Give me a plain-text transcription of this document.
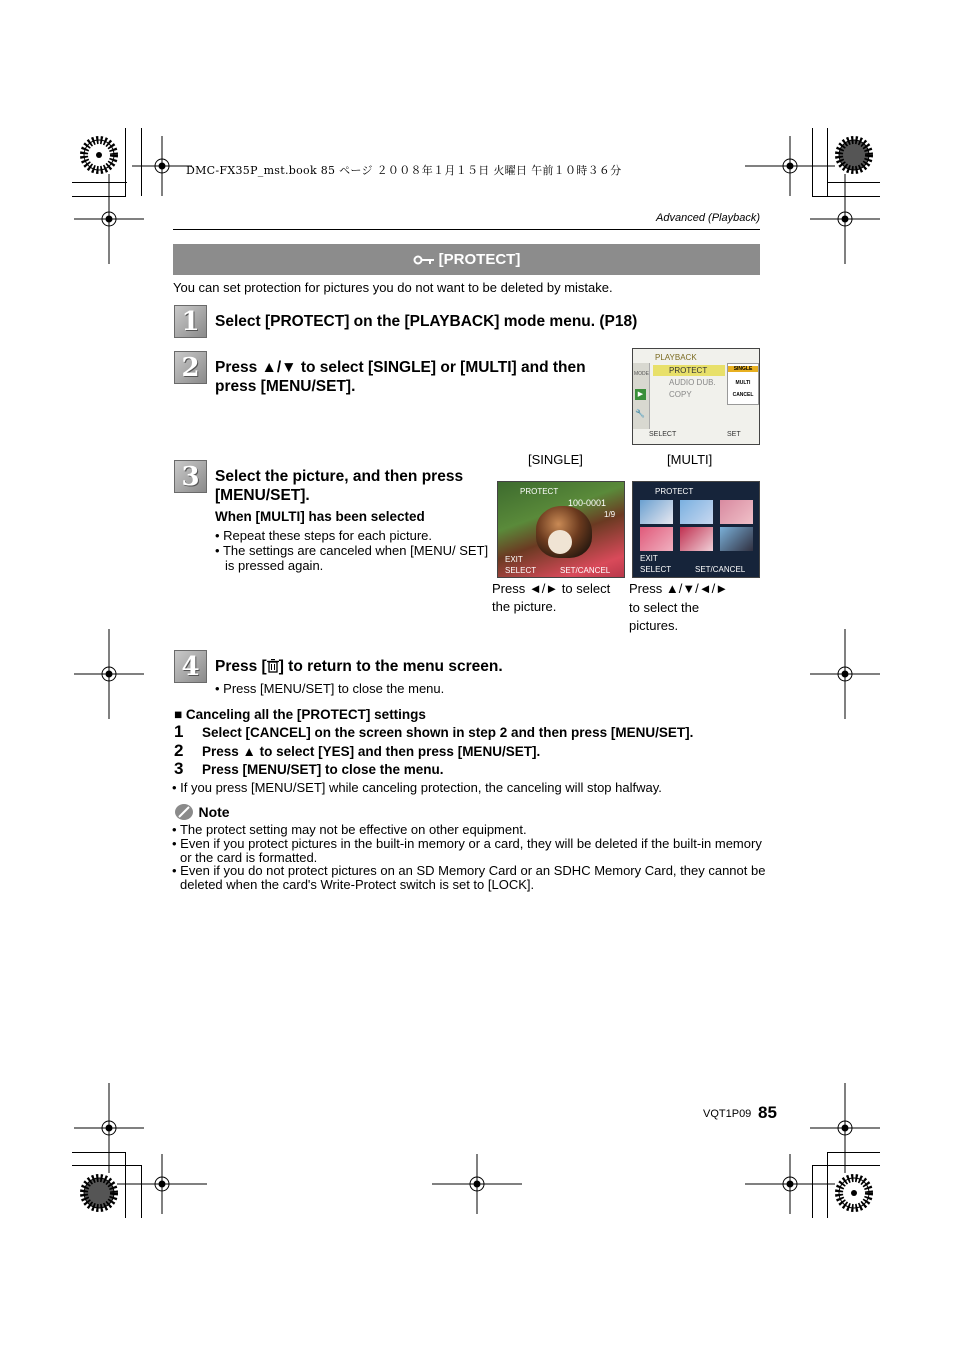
DMC-FX35P_mst.book 85 ページ ２００８年１月１５日 火曜日 午前１０時３６分
Advanced (Playback)
[PROTECT]
You can set protection for pictures you do not want to be deleted by mistake.
1 Select [PROTECT] on the [PLAYBACK] mode menu. (P18)
2 Press ▲/▼ to select [SINGLE] or [MULTI] and then press [MENU/SET].
MODE
▶
🔧
PLAYBACK
PROTECT
AUDIO DUB.
COPY
SINGLE
MULTI
CANCEL
SELECT	SET
3 Select the picture, and then press [MENU/SET].
When [MULTI] has been selected
• Repeat these steps for each picture.
• The settings are canceled when [MENU/ SET] is pressed again.
[SINGLE]	[MULTI]
PROTECT
100-0001
1/9
EXIT
SELECT	SET/CANCEL
PROTECT
EXIT
SELECT	SET/CANCEL
Press ◄/► to select the picture.
Press ▲/▼/◄/►
to select the
pictures.
4 Press [ ] to return to the menu screen.
• Press [MENU/SET] to close the menu.
■ Canceling all the [PROTECT] settings
1 Select [CANCEL] on the screen shown in step 2 and then press [MENU/SET].
2 Press ▲ to select [YES] and then press [MENU/SET].
3 Press [MENU/SET] to close the menu.
• If you press [MENU/SET] while canceling protection, the canceling will stop halfway.
Note
• The protect setting may not be effective on other equipment.
• Even if you protect pictures in the built-in memory or a card, they will be deleted if the built-in memory or the card is formatted.
• Even if you do not protect pictures on an SD Memory Card or an SDHC Memory Card, they cannot be deleted when the card's Write-Protect switch is set to [LOCK].
VQT1P09 85
